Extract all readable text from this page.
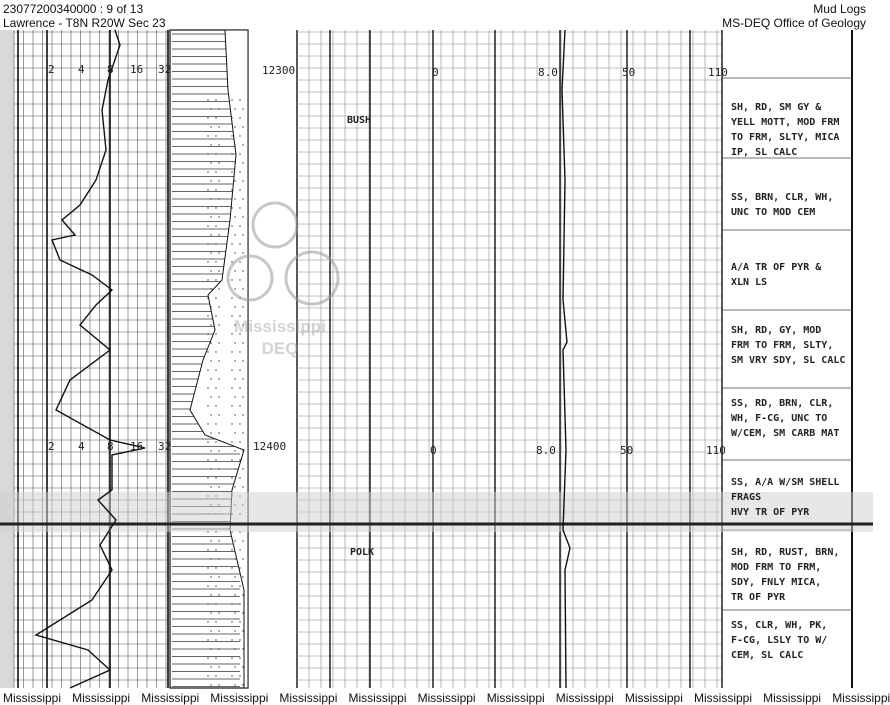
23077200340000 : 9 of 13
Lawrence - T8N R20W Sec 23
Mud Logs
MS-DEQ Office of Geology
12300
12400
2
2
4
4
8
8
16
16
32
32
0
0
8.0
8.0
50
50
110
110
BUSH
POLK
SH, RD, SM GY &
YELL MOTT, MOD FRM
TO FRM, SLTY, MICA
IP, SL CALC
SS, BRN, CLR, WH,
UNC TO MOD CEM
A/A TR OF PYR &
XLN LS
SH, RD, GY, MOD
FRM TO FRM, SLTY,
SM VRY SDY, SL CALC
SS, RD, BRN, CLR,
WH, F-CG, UNC TO
W/CEM, SM CARB MAT
SS, A/A W/SM SHELL
FRAGS
HVY TR OF PYR
SH, RD, RUST, BRN,
MOD FRM TO FRM,
SDY, FNLY MICA,
TR OF PYR
SS, CLR, WH, PK,
F-CG, LSLY TO W/
CEM, SL CALC
Mississippi
DEQ
Mississippi Mississippi Mississippi Mississippi Mississippi Mississippi Mississippi Mississippi Mississippi Mississippi Mississippi Mississippi Mississippi
